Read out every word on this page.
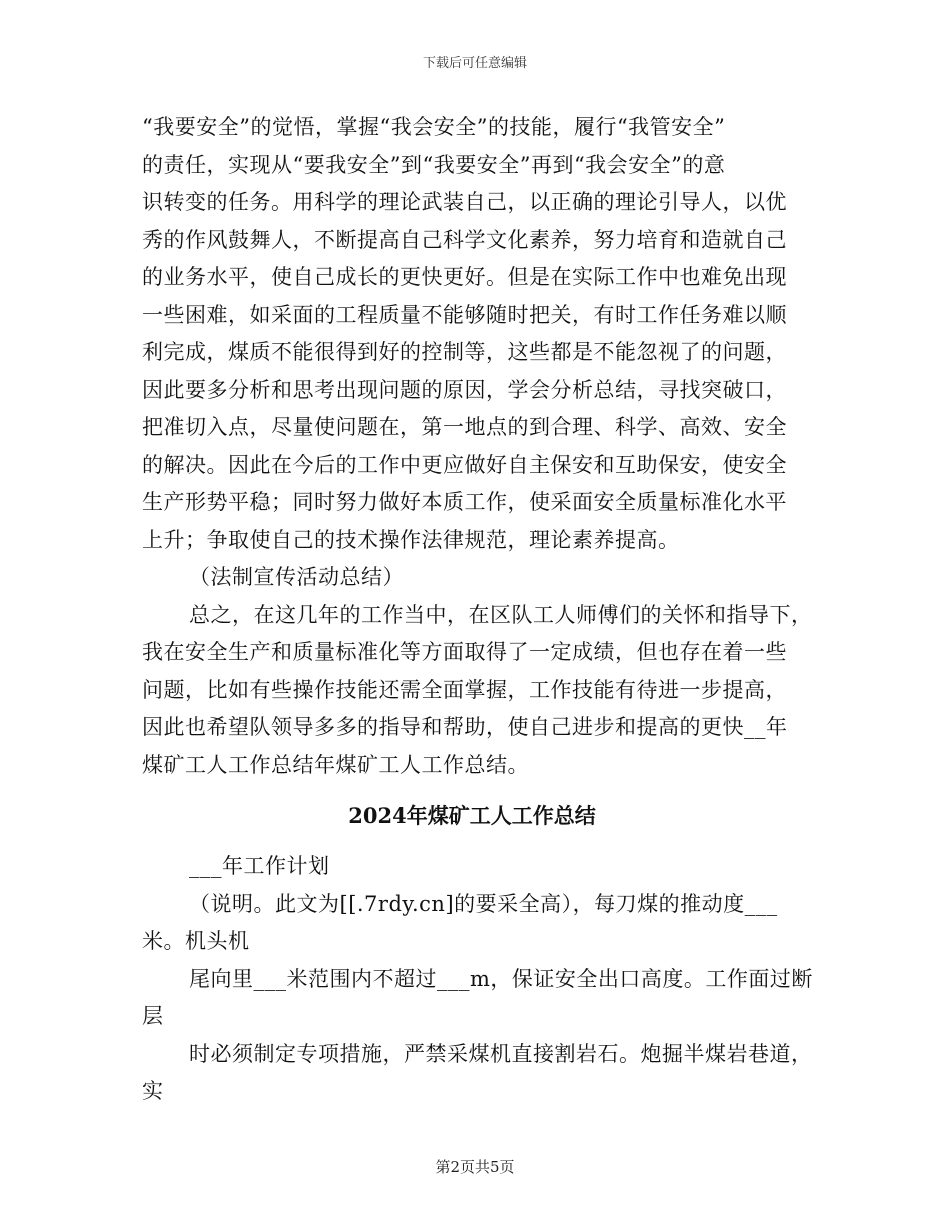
下载后可任意编辑
“我要安全”的觉悟，掌握“我会安全”的技能，履行“我管安全”
的责任，实现从“要我安全”到“我要安全”再到“我会安全”的意
识转变的任务。用科学的理论武装自己，以正确的理论引导人，以优
秀的作风鼓舞人，不断提高自己科学文化素养，努力培育和造就自己
的业务水平，使自己成长的更快更好。但是在实际工作中也难免出现
一些困难，如采面的工程质量不能够随时把关，有时工作任务难以顺
利完成，煤质不能很得到好的控制等，这些都是不能忽视了的问题，
因此要多分析和思考出现问题的原因，学会分析总结，寻找突破口，
把准切入点，尽量使问题在，第一地点的到合理、科学、高效、安全
的解决。因此在今后的工作中更应做好自主保安和互助保安，使安全
生产形势平稳；同时努力做好本质工作，使采面安全质量标准化水平
上升；争取使自己的技术操作法律规范，理论素养提高。
（法制宣传活动总结）
总之，在这几年的工作当中，在区队工人师傅们的关怀和指导下，
我在安全生产和质量标准化等方面取得了一定成绩，但也存在着一些
问题，比如有些操作技能还需全面掌握，工作技能有待进一步提高，
因此也希望队领导多多的指导和帮助，使自己进步和提高的更快__年
煤矿工人工作总结年煤矿工人工作总结。
2024年煤矿工人工作总结
___年工作计划
（说明。此文为[[.7rdy.cn]的要采全高），每刀煤的推动度___
米。机头机
尾向里___米范围内不超过___m，保证安全出口高度。工作面过断
层
时必须制定专项措施，严禁采煤机直接割岩石。炮掘半煤岩巷道，
实
第2页共5页
